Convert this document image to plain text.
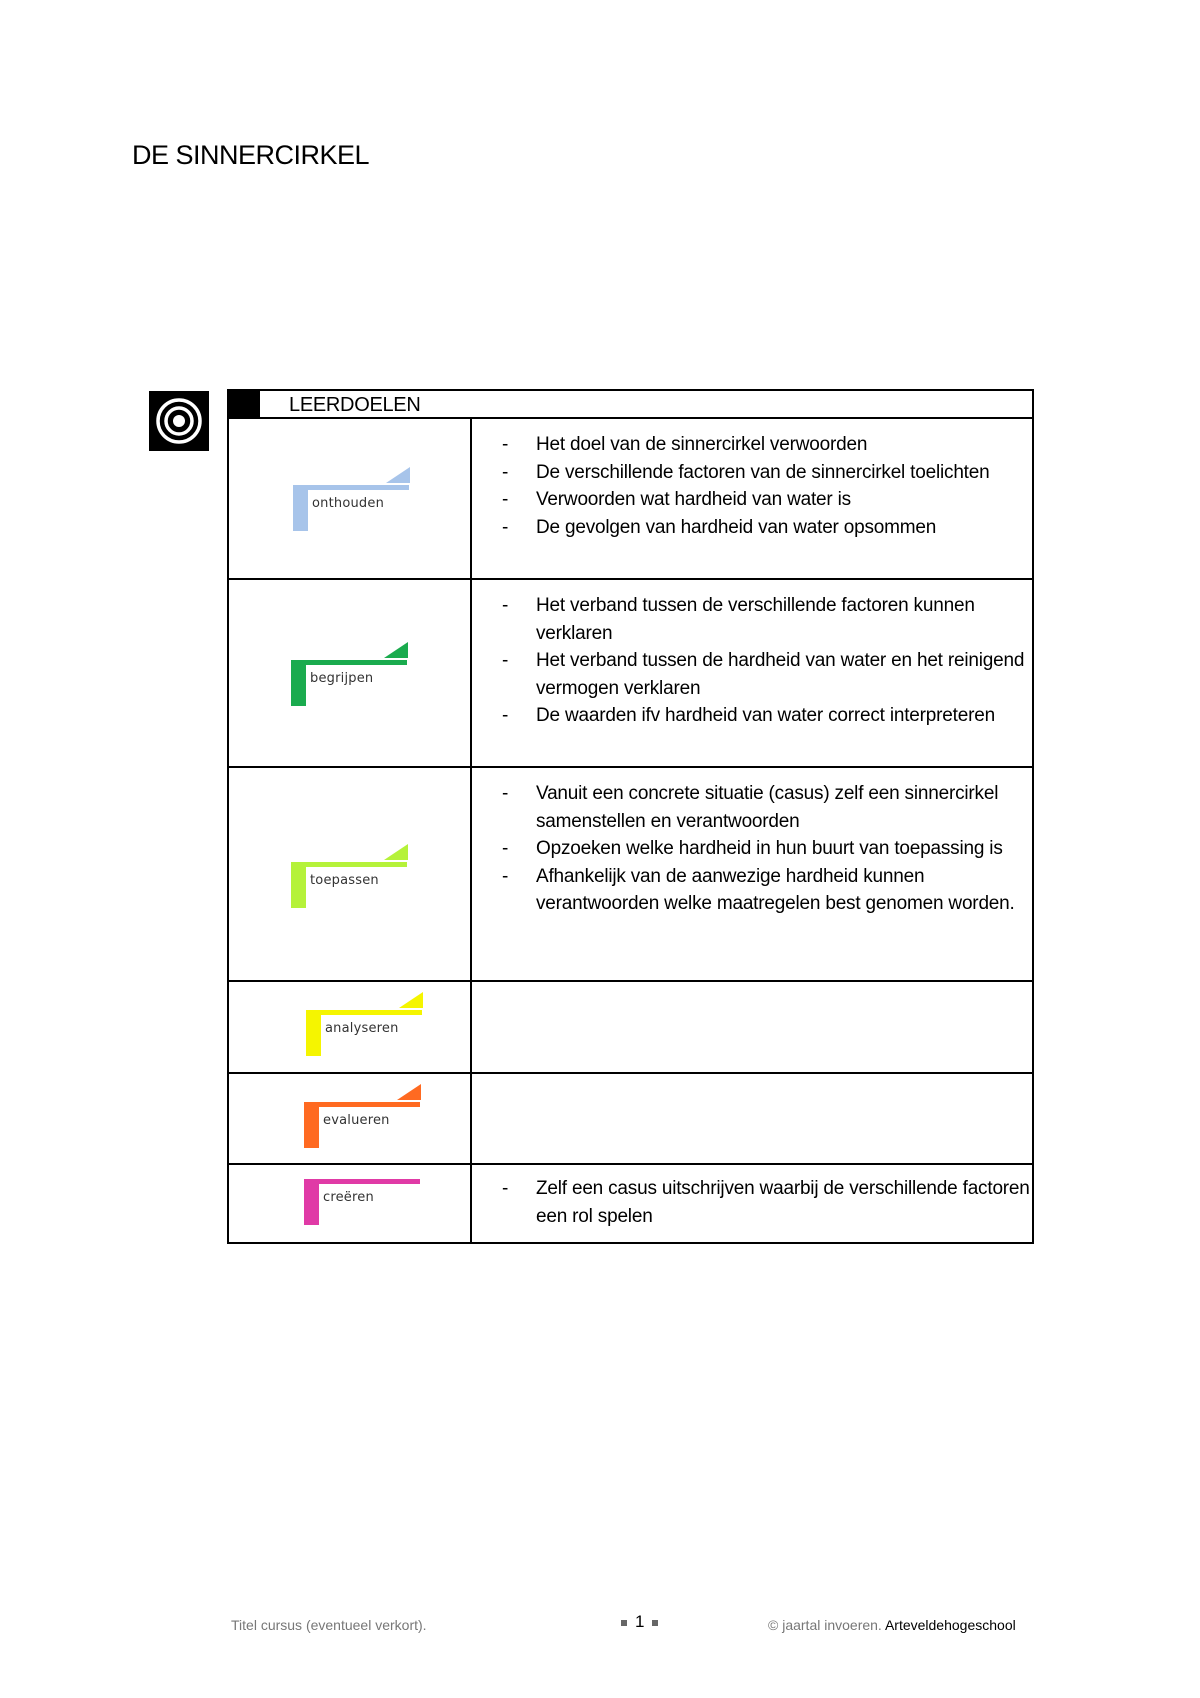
DE SINNERCIRKEL
LEERDOELEN
onthouden
- Het doel van de sinnercirkel verwoorden
- De verschillende factoren van de sinnercirkel toelichten
- Verwoorden wat hardheid van water is
- De gevolgen van hardheid van water opsommen
begrijpen
- Het verband tussen de verschillende factoren kunnen verklaren
- Het verband tussen de hardheid van water en het reinigend vermogen verklaren
- De waarden ifv hardheid van water correct interpreteren
toepassen
- Vanuit een concrete situatie (casus) zelf een sinnercirkel samenstellen en verantwoorden
- Opzoeken welke hardheid in hun buurt van toepassing is
- Afhankelijk van de aanwezige hardheid kunnen verantwoorden welke maatregelen best genomen worden.
analyseren
evalueren
creëren
-	Zelf een casus uitschrijven waarbij de verschillende factoren een rol spelen
Titel cursus (eventueel verkort).	1	© jaartal invoeren. Arteveldehogeschool
